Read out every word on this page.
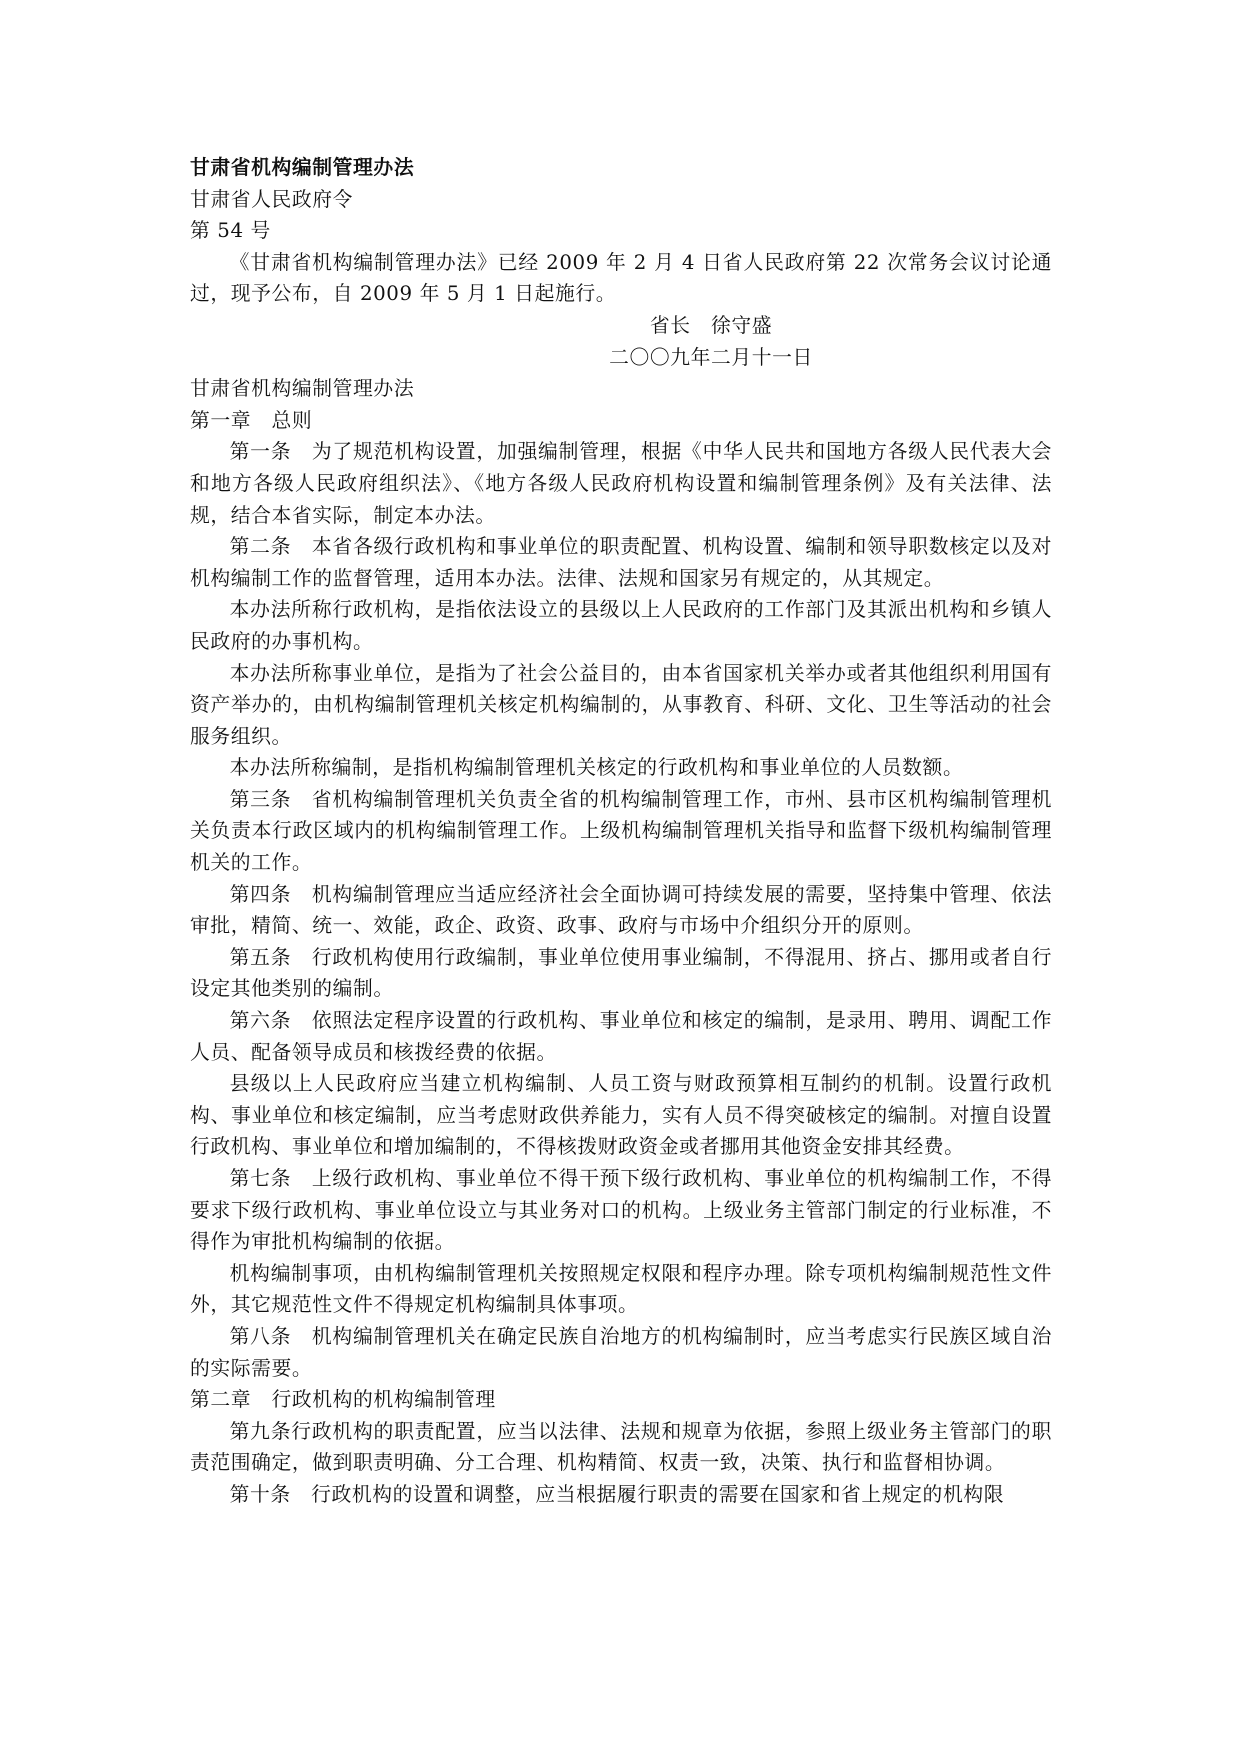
甘肃省机构编制管理办法

甘肃省人民政府令

第 54 号

《甘肃省机构编制管理办法》已经 2009 年 2 月 4 日省人民政府第 22 次常务会议讨论通过，现予公布，自 2009 年 5 月 1 日起施行。

省长　徐守盛

二〇〇九年二月十一日

甘肃省机构编制管理办法

第一章　总则

第一条　为了规范机构设置，加强编制管理，根据《中华人民共和国地方各级人民代表大会和地方各级人民政府组织法》、《地方各级人民政府机构设置和编制管理条例》及有关法律、法规，结合本省实际，制定本办法。

第二条　本省各级行政机构和事业单位的职责配置、机构设置、编制和领导职数核定以及对机构编制工作的监督管理，适用本办法。法律、法规和国家另有规定的，从其规定。

本办法所称行政机构，是指依法设立的县级以上人民政府的工作部门及其派出机构和乡镇人民政府的办事机构。

本办法所称事业单位，是指为了社会公益目的，由本省国家机关举办或者其他组织利用国有资产举办的，由机构编制管理机关核定机构编制的，从事教育、科研、文化、卫生等活动的社会服务组织。

本办法所称编制，是指机构编制管理机关核定的行政机构和事业单位的人员数额。

第三条　省机构编制管理机关负责全省的机构编制管理工作，市州、县市区机构编制管理机关负责本行政区域内的机构编制管理工作。上级机构编制管理机关指导和监督下级机构编制管理机关的工作。

第四条　机构编制管理应当适应经济社会全面协调可持续发展的需要，坚持集中管理、依法审批，精简、统一、效能，政企、政资、政事、政府与市场中介组织分开的原则。

第五条　行政机构使用行政编制，事业单位使用事业编制，不得混用、挤占、挪用或者自行设定其他类别的编制。

第六条　依照法定程序设置的行政机构、事业单位和核定的编制，是录用、聘用、调配工作人员、配备领导成员和核拨经费的依据。

县级以上人民政府应当建立机构编制、人员工资与财政预算相互制约的机制。设置行政机构、事业单位和核定编制，应当考虑财政供养能力，实有人员不得突破核定的编制。对擅自设置行政机构、事业单位和增加编制的，不得核拨财政资金或者挪用其他资金安排其经费。

第七条　上级行政机构、事业单位不得干预下级行政机构、事业单位的机构编制工作，不得要求下级行政机构、事业单位设立与其业务对口的机构。上级业务主管部门制定的行业标准，不得作为审批机构编制的依据。

机构编制事项，由机构编制管理机关按照规定权限和程序办理。除专项机构编制规范性文件外，其它规范性文件不得规定机构编制具体事项。

第八条　机构编制管理机关在确定民族自治地方的机构编制时，应当考虑实行民族区域自治的实际需要。

第二章　行政机构的机构编制管理

第九条行政机构的职责配置，应当以法律、法规和规章为依据，参照上级业务主管部门的职责范围确定，做到职责明确、分工合理、机构精简、权责一致，决策、执行和监督相协调。

第十条　行政机构的设置和调整，应当根据履行职责的需要在国家和省上规定的机构限
